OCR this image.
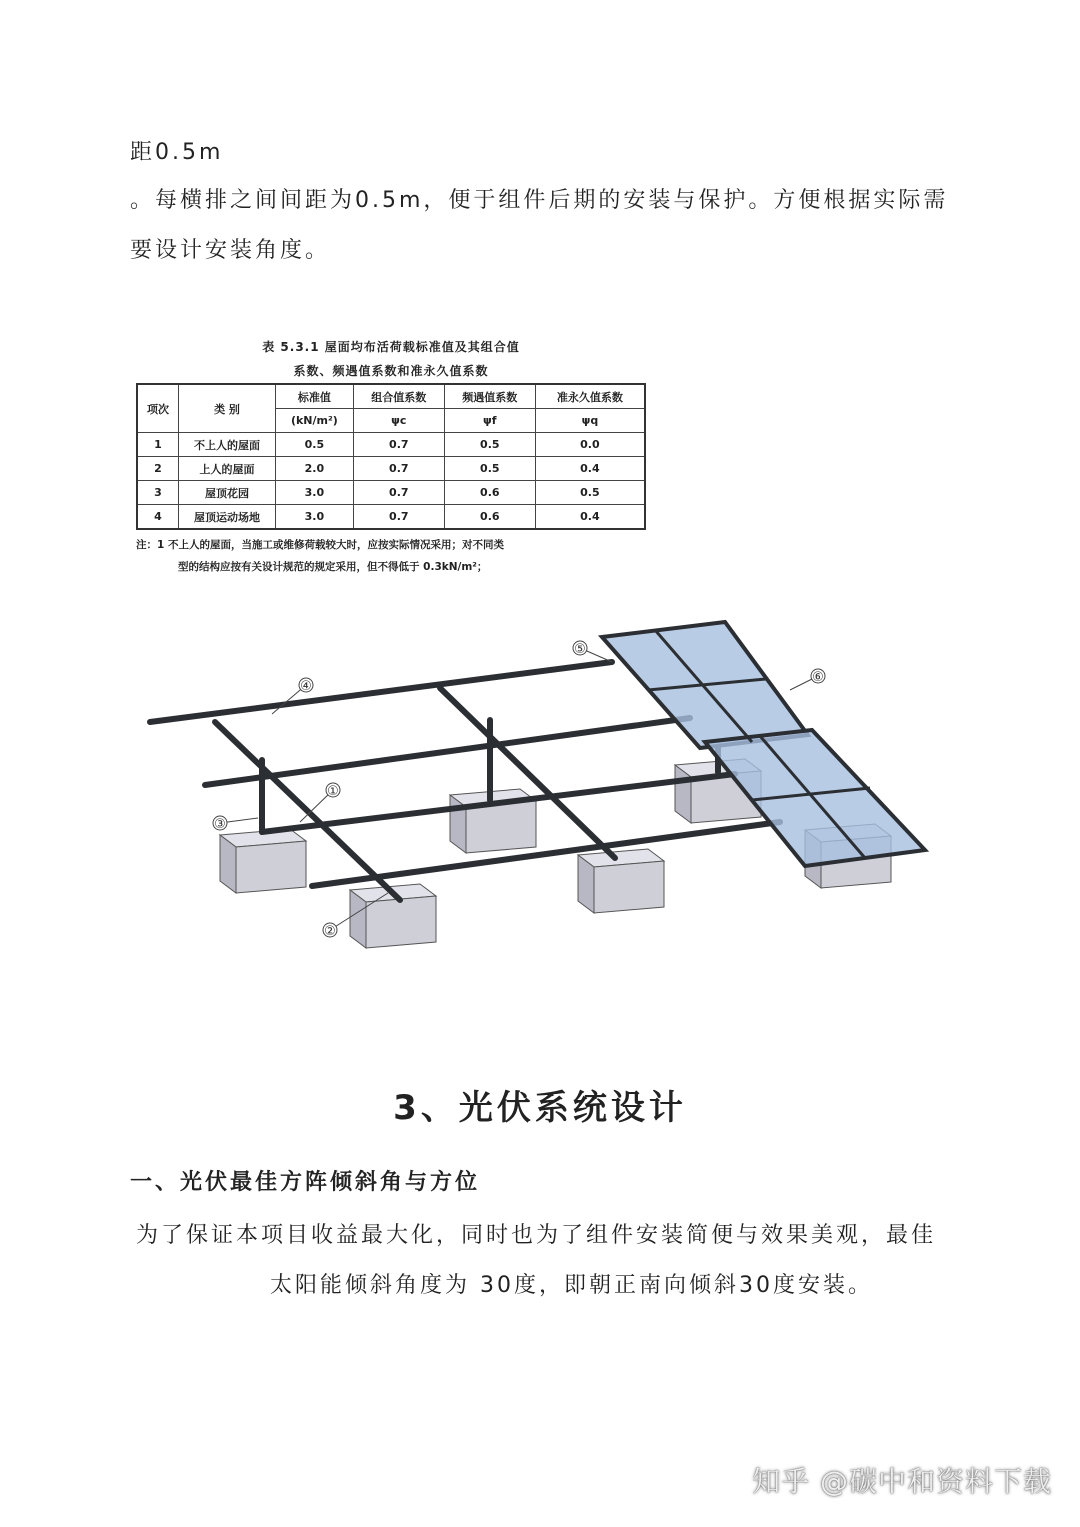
距0.5m
。每横排之间间距为0.5m，便于组件后期的安装与保护。方便根据实际需
要设计安装角度。
表 5.3.1 屋面均布活荷载标准值及其组合值
系数、频遇值系数和准永久值系数
项次	类 别	标准值	组合值系数	频遇值系数	准永久值系数
		(kN/m²)	ψc	ψf	ψq
1	不上人的屋面	0.5	0.7	0.5	0.0
2	上人的屋面	2.0	0.7	0.5	0.4
3	屋顶花园	3.0	0.7	0.6	0.5
4	屋顶运动场地	3.0	0.7	0.6	0.4
注：1 不上人的屋面，当施工或维修荷载较大时，应按实际情况采用；对不同类
型的结构应按有关设计规范的规定采用，但不得低于 0.3kN/m²；
①
②
③
④
⑤
⑥
3、光伏系统设计
一、光伏最佳方阵倾斜角与方位
为了保证本项目收益最大化，同时也为了组件安装简便与效果美观，最佳
太阳能倾斜角度为 30度，即朝正南向倾斜30度安装。
知乎 @碳中和资料下载
